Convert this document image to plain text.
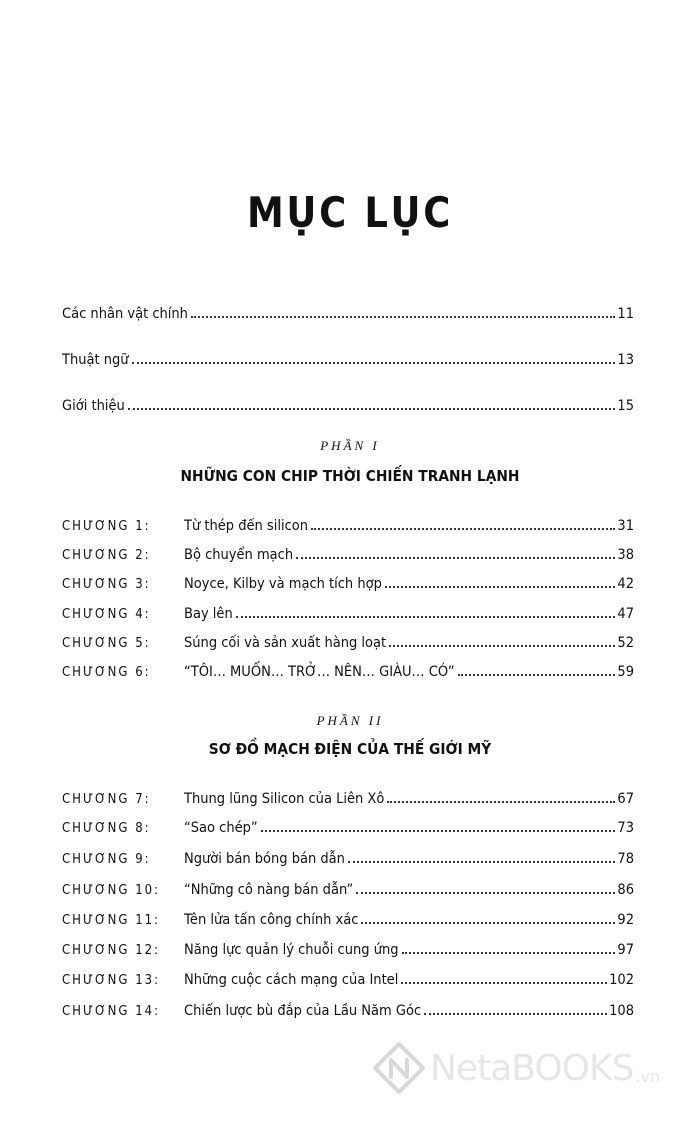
MỤC LỤC
Các nhân vật chính	11
Thuật ngữ	13
Giới thiệu	15
PHẦN I
NHỮNG CON CHIP THỜI CHIẾN TRANH LẠNH
CHƯƠNG 1:	Từ thép đến silicon	31
CHƯƠNG 2:	Bộ chuyển mạch	38
CHƯƠNG 3:	Noyce, Kilby và mạch tích hợp	42
CHƯƠNG 4:	Bay lên	47
CHƯƠNG 5:	Súng cối và sản xuất hàng loạt	52
CHƯƠNG 6:	“TÔI… MUỐN… TRỞ… NÊN… GIÀU… CÓ”	59
PHẦN II
SƠ ĐỒ MẠCH ĐIỆN CỦA THẾ GIỚI MỸ
CHƯƠNG 7:	Thung lũng Silicon của Liên Xô	67
CHƯƠNG 8:	“Sao chép”	73
CHƯƠNG 9:	Người bán bóng bán dẫn	78
CHƯƠNG 10:	“Những cô nàng bán dẫn”	86
CHƯƠNG 11:	Tên lửa tấn công chính xác	92
CHƯƠNG 12:	Năng lực quản lý chuỗi cung ứng	97
CHƯƠNG 13:	Những cuộc cách mạng của Intel	102
CHƯƠNG 14:	Chiến lược bù đắp của Lầu Năm Góc	108
NetaBOOKS .vn
